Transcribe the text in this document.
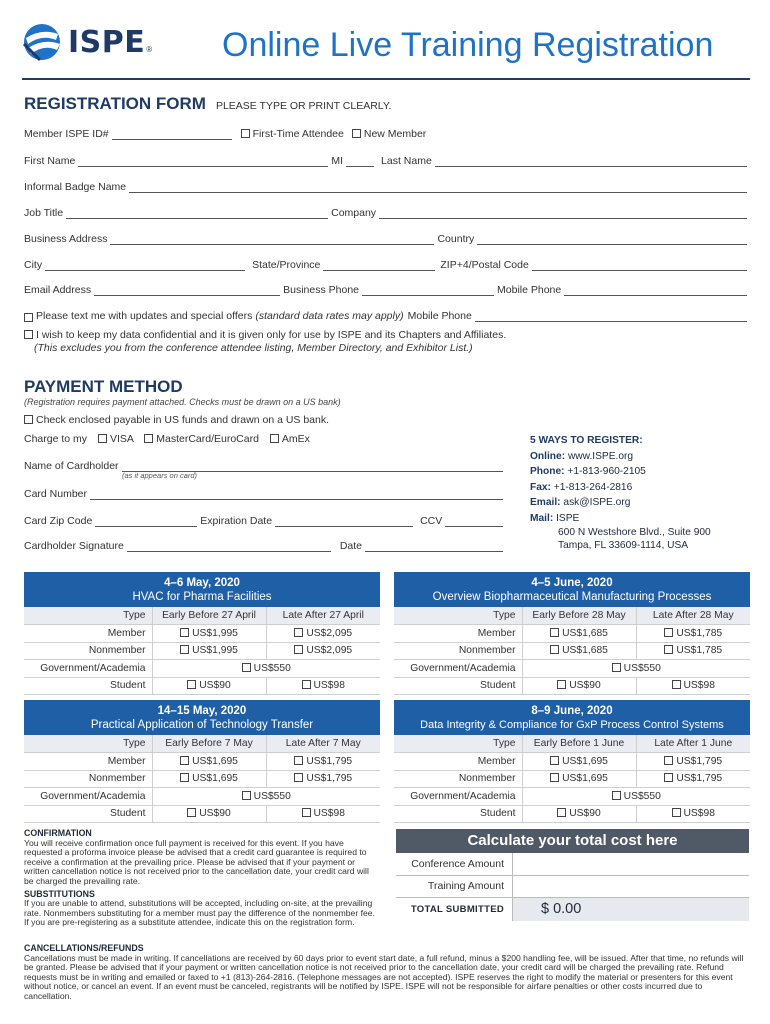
ISPE ® Online Live Training Registration
REGISTRATION FORM PLEASE TYPE OR PRINT CLEARLY.
Member ISPE ID#	First-Time Attendee	New Member
First Name	MI	Last Name
Informal Badge Name
Job Title	Company
Business Address	Country
City	State/Province	ZIP+4/Postal Code
Email Address	Business Phone	Mobile Phone
Please text me with updates and special offers (standard data rates may apply) Mobile Phone
I wish to keep my data confidential and it is given only for use by ISPE and its Chapters and Affiliates.
(This excludes you from the conference attendee listing, Member Directory, and Exhibitor List.)
PAYMENT METHOD
(Registration requires payment attached. Checks must be drawn on a US bank)
Check enclosed payable in US funds and drawn on a US bank.
Charge to my VISA MasterCard/EuroCard AmEx
Name of Cardholder
(as it appears on card)
Card Number
Card Zip Code	Expiration Date	CCV
Cardholder Signature	Date
5 WAYS TO REGISTER:
Online: www.ISPE.org
Phone: +1-813-960-2105
Fax: +1-813-264-2816
Email: ask@ISPE.org
Mail: ISPE
600 N Westshore Blvd., Suite 900
Tampa, FL 33609-1114, USA
4–6 May, 2020
HVAC for Pharma Facilities
Type	Early Before 27 April	Late After 27 April
Member	US$1,995	US$2,095
Nonmember	US$1,995	US$2,095
Government/Academia	US$550	
Student	US$90	US$98
4–5 June, 2020
Overview Biopharmaceutical Manufacturing Processes
Type	Early Before 28 May	Late After 28 May
Member	US$1,685	US$1,785
Nonmember	US$1,685	US$1,785
Government/Academia	US$550	
Student	US$90	US$98
14–15 May, 2020
Practical Application of Technology Transfer
Type	Early Before 7 May	Late After 7 May
Member	US$1,695	US$1,795
Nonmember	US$1,695	US$1,795
Government/Academia	US$550	
Student	US$90	US$98
8–9 June, 2020
Data Integrity & Compliance for GxP Process Control Systems
Type	Early Before 1 June	Late After 1 June
Member	US$1,695	US$1,795
Nonmember	US$1,695	US$1,795
Government/Academia	US$550	
Student	US$90	US$98
CONFIRMATION
You will receive confirmation once full payment is received for this event. If you have requested a proforma invoice please be advised that a credit card guarantee is required to receive a confirmation at the prevailing price. Please be advised that if your payment or written cancellation notice is not received prior to the cancellation date, your credit card will be charged the prevailing rate.
SUBSTITUTIONS
If you are unable to attend, substitutions will be accepted, including on-site, at the prevailing rate. Nonmembers substituting for a member must pay the difference of the nonmember fee. If you are pre-registering as a substitute attendee, indicate this on the registration form.
Calculate your total cost here
Conference Amount
Training Amount
TOTAL SUBMITTED	$ 0.00
CANCELLATIONS/REFUNDS
Cancellations must be made in writing. If cancellations are received by 60 days prior to event start date, a full refund, minus a $200 handling fee, will be issued. After that time, no refunds will be granted. Please be advised that if your payment or written cancellation notice is not received prior to the cancellation date, your credit card will be charged the prevailing rate. Refund requests must be in writing and emailed or faxed to +1 (813)-264-2816. (Telephone messages are not accepted). ISPE reserves the right to modify the material or presenters for this event without notice, or cancel an event. If an event must be canceled, registrants will be notified by ISPE. ISPE will not be responsible for airfare penalties or other costs incurred due to cancellation.
